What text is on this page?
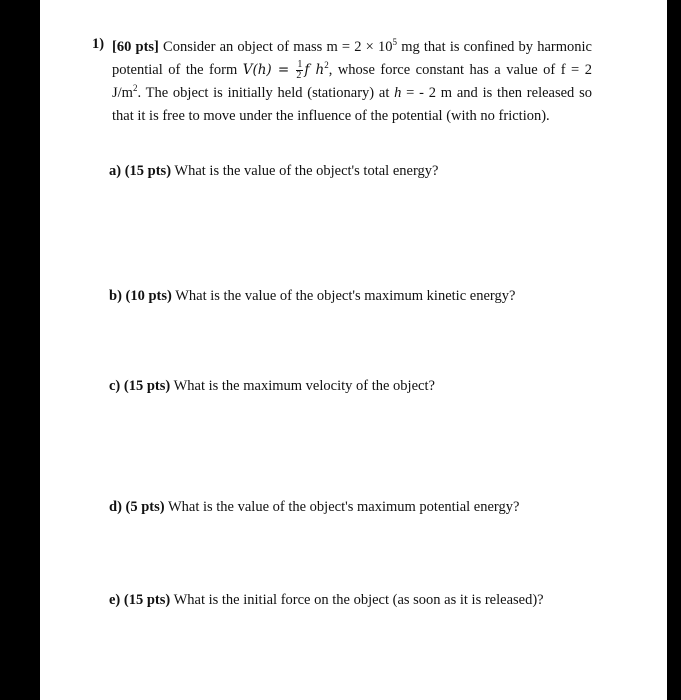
1) [60 pts] Consider an object of mass $m = 2 \times 10^5$ mg that is confined by harmonic
potential of the form $V(h) = \frac{1}{2}$ f $h^2$, whose force constant has a value of f = 2
$J/m^2$. The object is initially held (stationary) at h = - 2 m and is then released so
that it is free to move under the influence of the potential (with no friction).
a) (15 pts) What is the value of the object's total energy?
b) (10 pts) What is the value of the object's maximum kinetic energy?
c) (15 pts) What is the maximum velocity of the object?
d) (5 pts) What is the value of the object's maximum potential energy?
e) (15 pts) What is the initial force on the object (as soon as it is released)?
